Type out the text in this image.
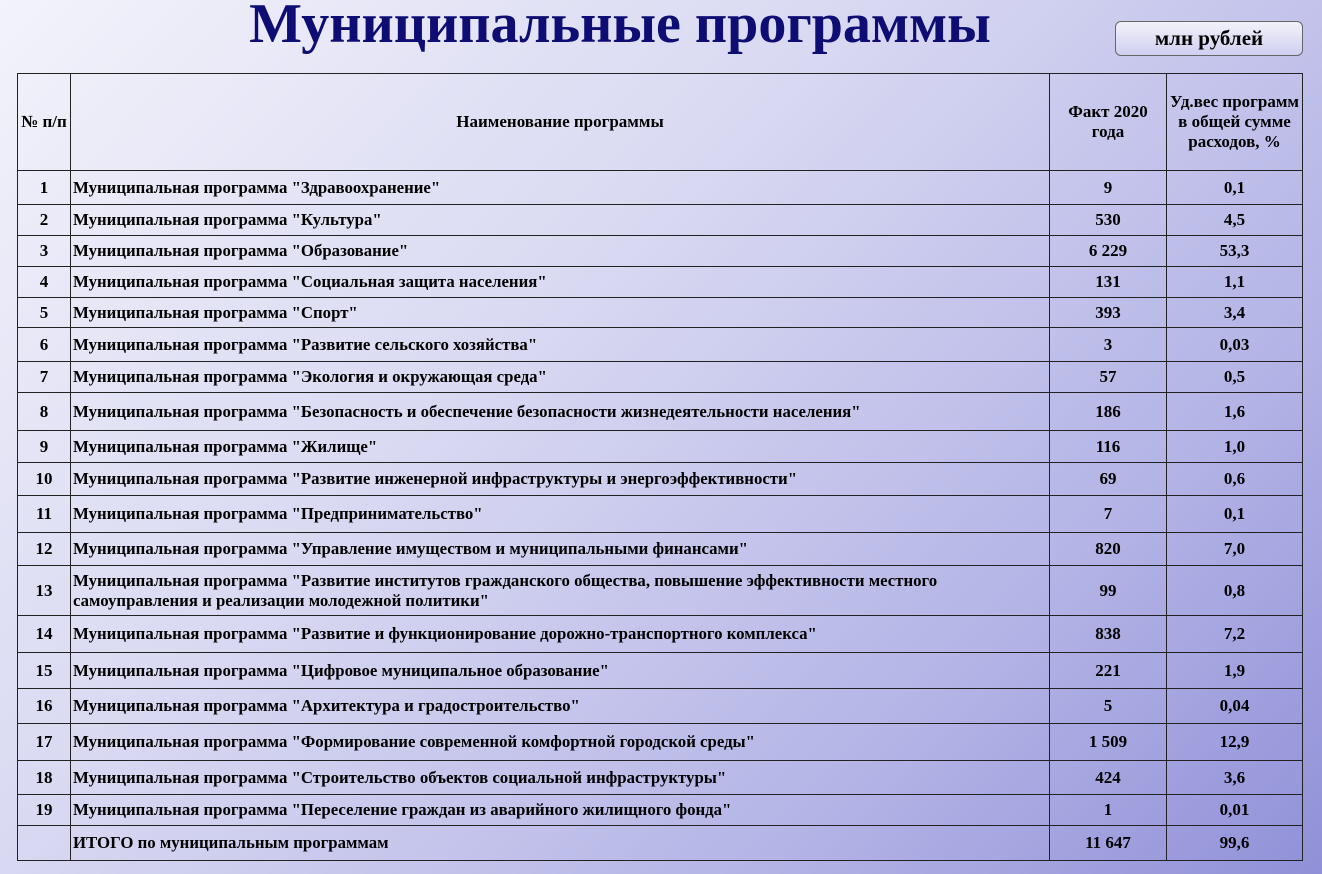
Муниципальные программы	млн рублей
№ п/п	Наименование программы	Факт 2020 года	Уд.вес программ в общей сумме расходов, %
1	Муниципальная программа "Здравоохранение"	9	0,1
2	Муниципальная программа "Культура"	530	4,5
3	Муниципальная программа "Образование"	6 229	53,3
4	Муниципальная программа "Социальная защита населения"	131	1,1
5	Муниципальная программа "Спорт"	393	3,4
6	Муниципальная программа "Развитие сельского хозяйства"	3	0,03
7	Муниципальная программа "Экология и окружающая среда"	57	0,5
8	Муниципальная программа "Безопасность и обеспечение безопасности жизнедеятельности населения"	186	1,6
9	Муниципальная программа "Жилище"	116	1,0
10	Муниципальная программа "Развитие инженерной инфраструктуры и энергоэффективности"	69	0,6
11	Муниципальная программа "Предпринимательство"	7	0,1
12	Муниципальная программа "Управление имуществом и муниципальными финансами"	820	7,0
13	Муниципальная программа "Развитие институтов гражданского общества, повышение эффективности местного самоуправления и реализации молодежной политики"	99	0,8
14	Муниципальная программа "Развитие и функционирование дорожно-транспортного комплекса"	838	7,2
15	Муниципальная программа "Цифровое муниципальное образование"	221	1,9
16	Муниципальная программа "Архитектура и градостроительство"	5	0,04
17	Муниципальная программа "Формирование современной комфортной городской среды"	1 509	12,9
18	Муниципальная программа "Строительство объектов социальной инфраструктуры"	424	3,6
19	Муниципальная программа "Переселение граждан из аварийного жилищного фонда"	1	0,01
	ИТОГО по муниципальным программам	11 647	99,6
